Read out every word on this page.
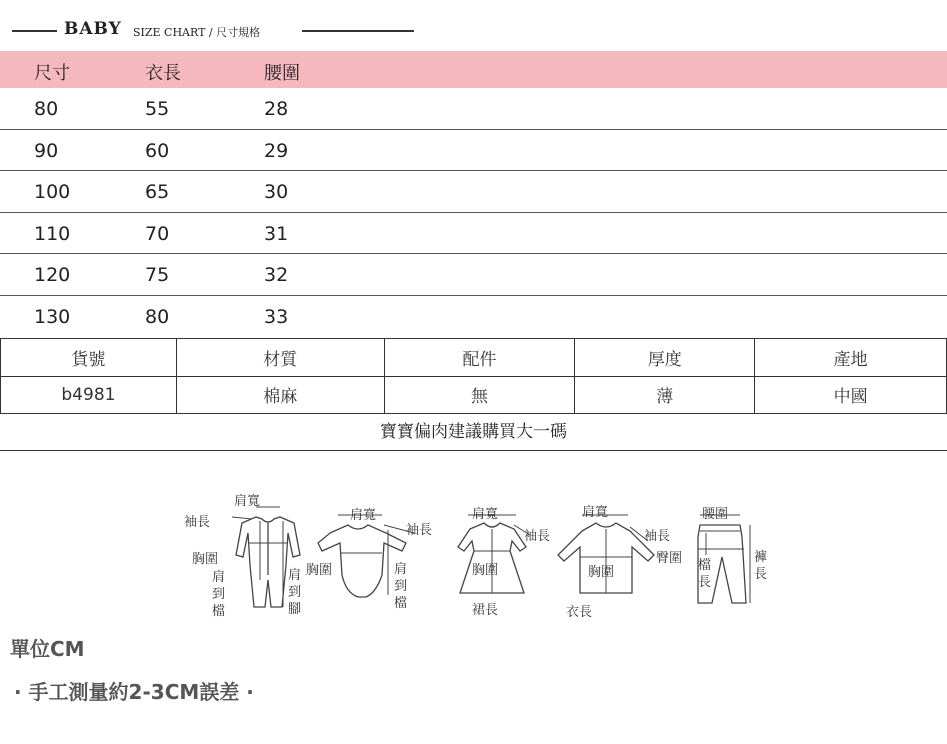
BABY SIZE CHART / 尺寸規格
尺寸	衣長	腰圍
80	55	28
90	60	29
100	65	30
110	70	31
120	75	32
130	80	33
貨號	材質	配件	厚度	產地
b4981	棉麻	無	薄	中國
寶寶偏肉建議購買大一碼
肩寬
袖長
胸圍
肩到檔
肩到腳
肩寬
袖長
胸圍	肩到檔
肩寬
袖長
胸圍
裙長
肩寬
袖長
胸圍
衣長
腰圍
臀圍 檔長
褲長
單位CM
· 手工測量約2-3CM誤差 ·
